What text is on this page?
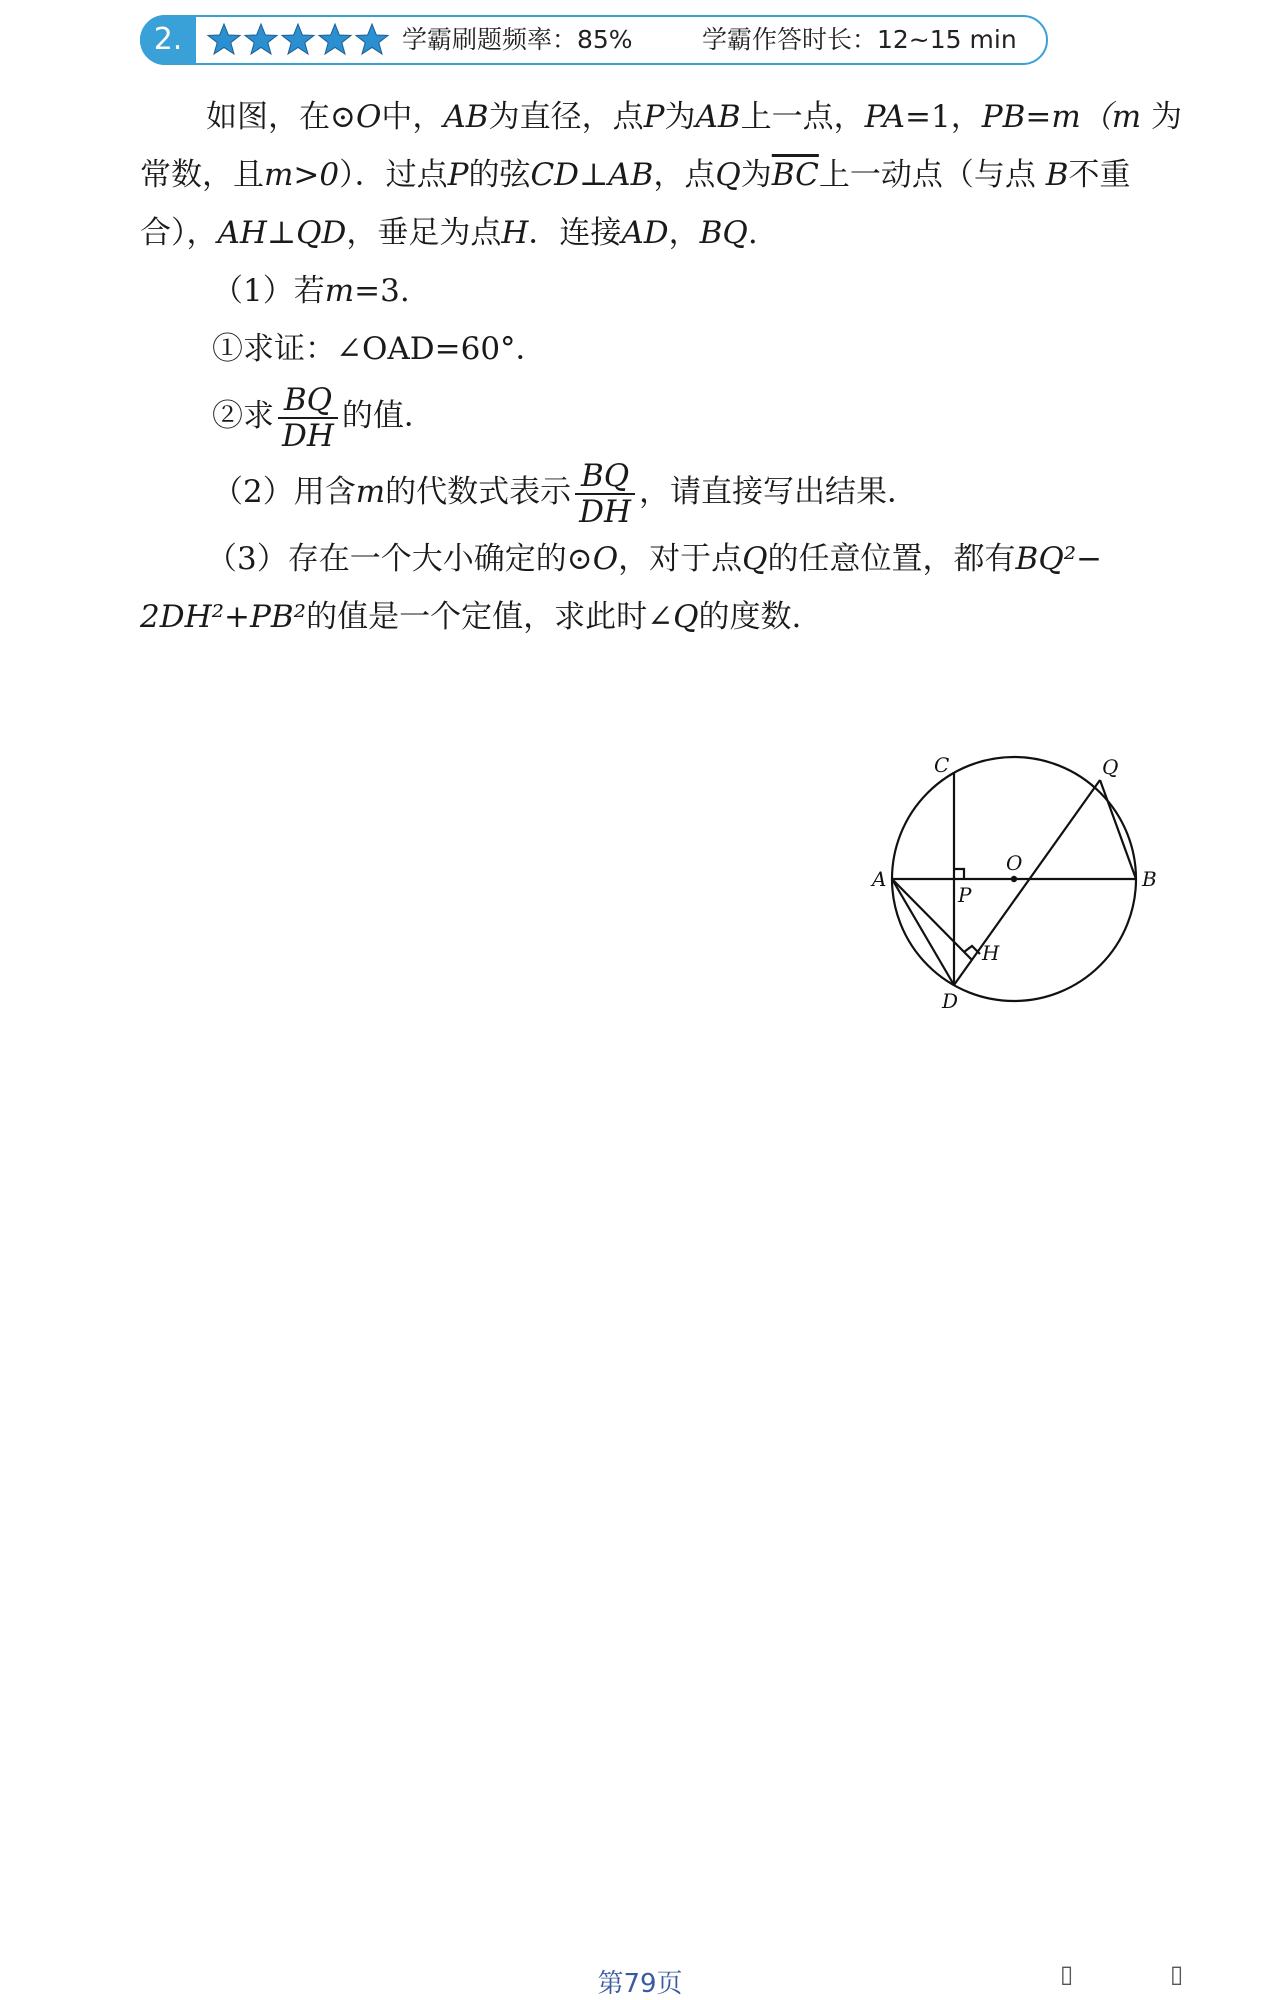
2.	学霸刷题频率：85%	学霸作答时长：12~15 min

如图，在⊙O中，AB为直径，点P为AB上一点，PA=1，PB=m（m 为常数，且m>0）．过点P的弦CD⊥AB，点Q为$\overline{BC}$上一动点（与点 B不重合），AH⊥QD，垂足为点H．连接AD，BQ.

（1）若m=3.

①求证：∠OAD=60°．

②求 $\frac{BQ}{DH}$ 的值．

（2）用含m的代数式表示 $\frac{BQ}{DH}$ ，请直接写出结果．

（3）存在一个大小确定的⊙O，对于点Q的任意位置，都有BQ²− 2DH²+PB²的值是一个定值，求此时∠Q的度数.

A	B
C
D
O
P
Q
H
第79页	▯	▯
